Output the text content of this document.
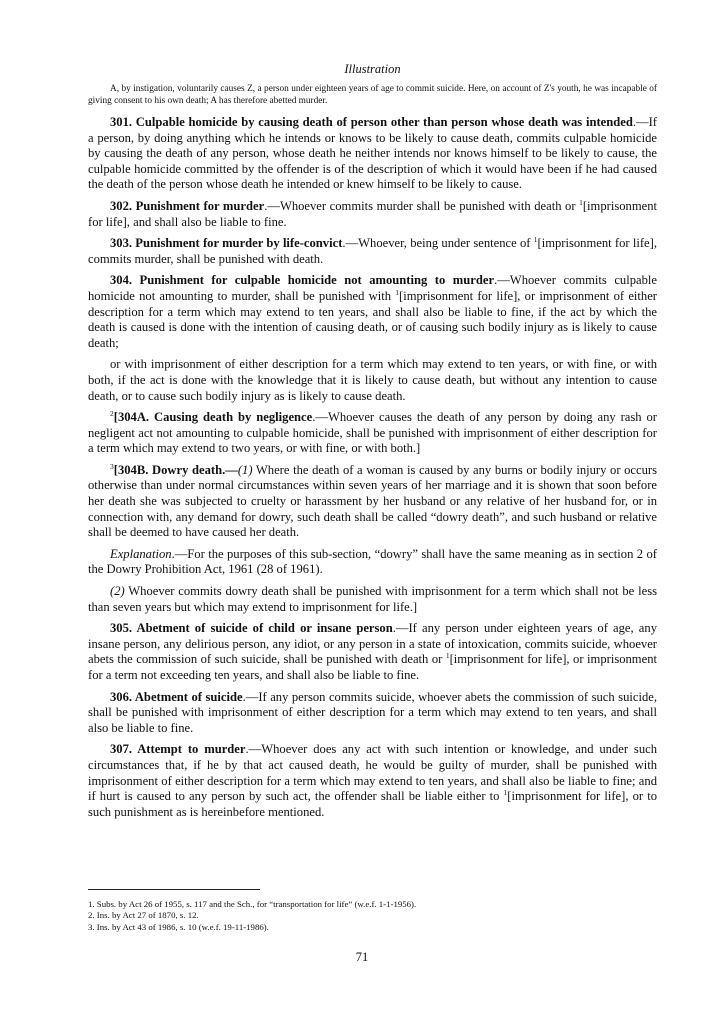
Illustration

A, by instigation, voluntarily causes Z, a person under eighteen years of age to commit suicide. Here, on account of Z's youth, he was incapable of giving consent to his own death; A has therefore abetted murder.

301. Culpable homicide by causing death of person other than person whose death was intended.—If a person, by doing anything which he intends or knows to be likely to cause death, commits culpable homicide by causing the death of any person, whose death he neither intends nor knows himself to be likely to cause, the culpable homicide committed by the offender is of the description of which it would have been if he had caused the death of the person whose death he intended or knew himself to be likely to cause.

302. Punishment for murder.—Whoever commits murder shall be punished with death or $^1$[imprisonment for life], and shall also be liable to fine.

303. Punishment for murder by life-convict.—Whoever, being under sentence of $^1$[imprisonment for life], commits murder, shall be punished with death.

304. Punishment for culpable homicide not amounting to murder.—Whoever commits culpable homicide not amounting to murder, shall be punished with $^1$[imprisonment for life], or imprisonment of either description for a term which may extend to ten years, and shall also be liable to fine, if the act by which the death is caused is done with the intention of causing death, or of causing such bodily injury as is likely to cause death;

or with imprisonment of either description for a term which may extend to ten years, or with fine, or with both, if the act is done with the knowledge that it is likely to cause death, but without any intention to cause death, or to cause such bodily injury as is likely to cause death.

$^2$[304A. Causing death by negligence.—Whoever causes the death of any person by doing any rash or negligent act not amounting to culpable homicide, shall be punished with imprisonment of either description for a term which may extend to two years, or with fine, or with both.]

$^3$[304B. Dowry death.—(1) Where the death of a woman is caused by any burns or bodily injury or occurs otherwise than under normal circumstances within seven years of her marriage and it is shown that soon before her death she was subjected to cruelty or harassment by her husband or any relative of her husband for, or in connection with, any demand for dowry, such death shall be called “dowry death”, and such husband or relative shall be deemed to have caused her death.

Explanation.—For the purposes of this sub-section, “dowry” shall have the same meaning as in section 2 of the Dowry Prohibition Act, 1961 (28 of 1961).

(2) Whoever commits dowry death shall be punished with imprisonment for a term which shall not be less than seven years but which may extend to imprisonment for life.]

305. Abetment of suicide of child or insane person.—If any person under eighteen years of age, any insane person, any delirious person, any idiot, or any person in a state of intoxication, commits suicide, whoever abets the commission of such suicide, shall be punished with death or $^1$[imprisonment for life], or imprisonment for a term not exceeding ten years, and shall also be liable to fine.

306. Abetment of suicide.—If any person commits suicide, whoever abets the commission of such suicide, shall be punished with imprisonment of either description for a term which may extend to ten years, and shall also be liable to fine.

307. Attempt to murder.—Whoever does any act with such intention or knowledge, and under such circumstances that, if he by that act caused death, he would be guilty of murder, shall be punished with imprisonment of either description for a term which may extend to ten years, and shall also be liable to fine; and if hurt is caused to any person by such act, the offender shall be liable either to $^1$[imprisonment for life], or to such punishment as is hereinbefore mentioned.

1. Subs. by Act 26 of 1955, s. 117 and the Sch., for “transportation for life” (w.e.f. 1-1-1956).
2. Ins. by Act 27 of 1870, s. 12.
3. Ins. by Act 43 of 1986, s. 10 (w.e.f. 19-11-1986).
71
